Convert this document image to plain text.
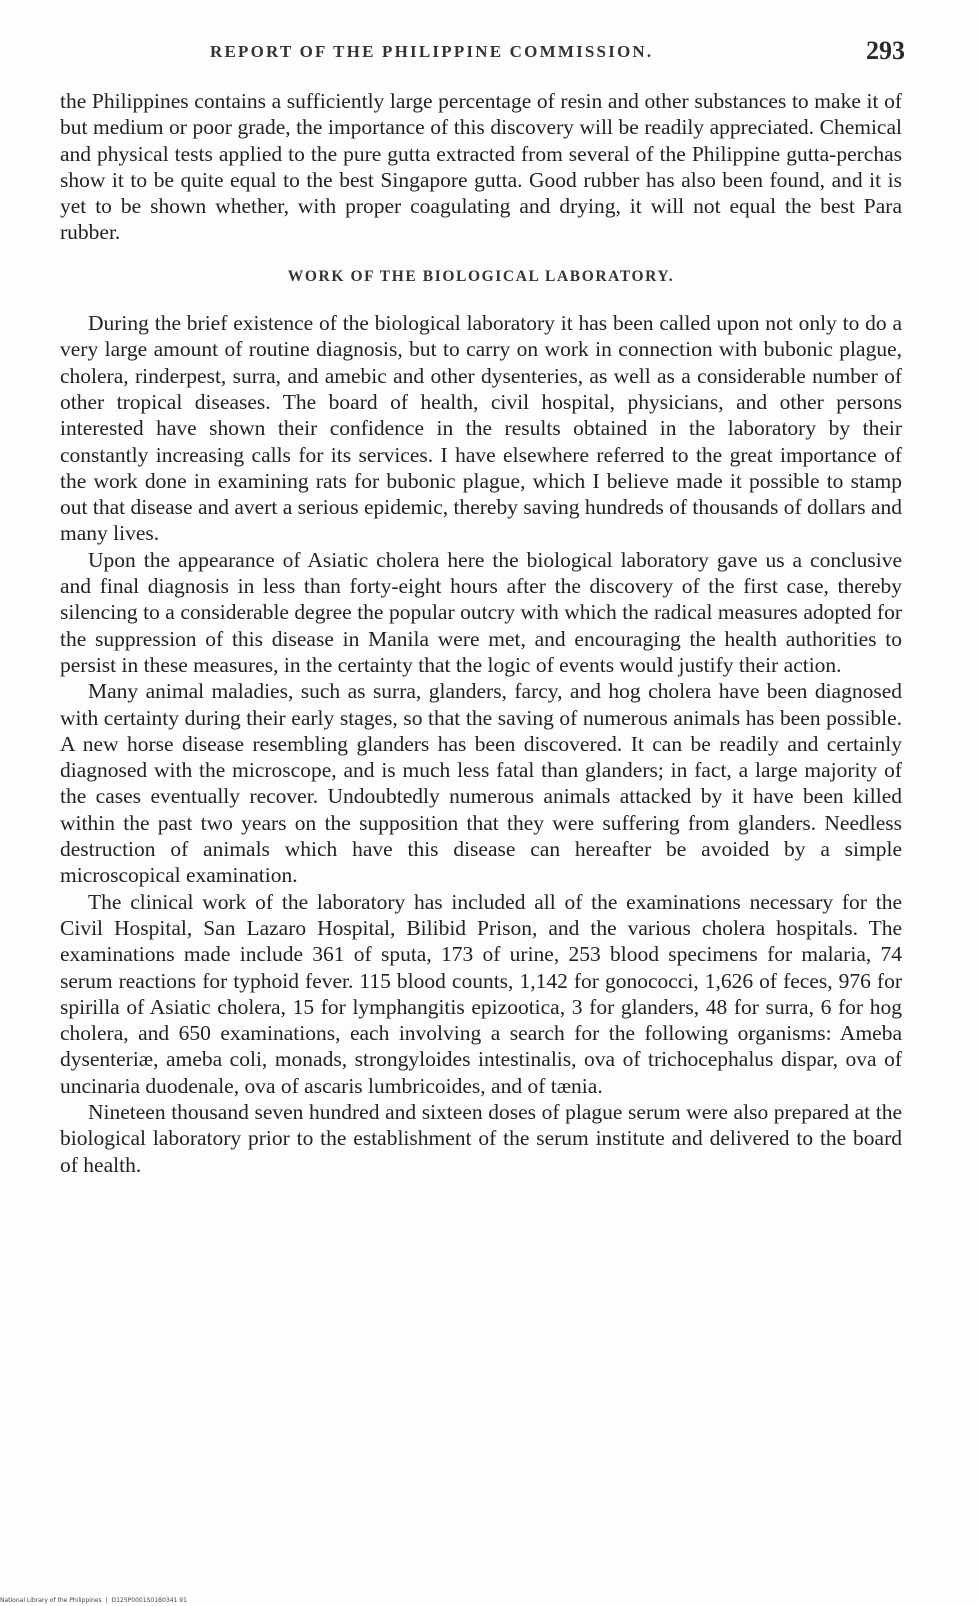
REPORT OF THE PHILIPPINE COMMISSION.	293

the Philippines contains a sufficiently large percentage of resin and other substances to make it of but medium or poor grade, the importance of this discovery will be readily appreciated. Chemical and physical tests applied to the pure gutta extracted from several of the Philippine gutta-perchas show it to be quite equal to the best Singapore gutta. Good rubber has also been found, and it is yet to be shown whether, with proper coagulating and drying, it will not equal the best Para rubber.

WORK OF THE BIOLOGICAL LABORATORY.

During the brief existence of the biological laboratory it has been called upon not only to do a very large amount of routine diagnosis, but to carry on work in connection with bubonic plague, cholera, rinderpest, surra, and amebic and other dysenteries, as well as a considerable number of other tropical diseases. The board of health, civil hospital, physicians, and other persons interested have shown their confidence in the results obtained in the laboratory by their constantly increasing calls for its services. I have elsewhere referred to the great importance of the work done in examining rats for bubonic plague, which I believe made it possible to stamp out that disease and avert a serious epidemic, thereby saving hundreds of thousands of dollars and many lives.

Upon the appearance of Asiatic cholera here the biological laboratory gave us a conclusive and final diagnosis in less than forty-eight hours after the discovery of the first case, thereby silencing to a considerable degree the popular outcry with which the radical measures adopted for the suppression of this disease in Manila were met, and encouraging the health authorities to persist in these measures, in the certainty that the logic of events would justify their action.

Many animal maladies, such as surra, glanders, farcy, and hog cholera have been diagnosed with certainty during their early stages, so that the saving of numerous animals has been possible. A new horse disease resembling glanders has been discovered. It can be readily and certainly diagnosed with the microscope, and is much less fatal than glanders; in fact, a large majority of the cases eventually recover. Undoubtedly numerous animals attacked by it have been killed within the past two years on the supposition that they were suffering from glanders. Needless destruction of animals which have this disease can hereafter be avoided by a simple microscopical examination.

The clinical work of the laboratory has included all of the examinations necessary for the Civil Hospital, San Lazaro Hospital, Bilibid Prison, and the various cholera hospitals. The examinations made include 361 of sputa, 173 of urine, 253 blood specimens for malaria, 74 serum reactions for typhoid fever. 115 blood counts, 1,142 for gonococci, 1,626 of feces, 976 for spirilla of Asiatic cholera, 15 for lymphangitis epizootica, 3 for glanders, 48 for surra, 6 for hog cholera, and 650 examinations, each involving a search for the following organisms: Ameba dysenteriæ, ameba coli, monads, strongyloides intestinalis, ova of trichocephalus dispar, ova of uncinaria duodenale, ova of ascaris lumbricoides, and of tænia.

Nineteen thousand seven hundred and sixteen doses of plague serum were also prepared at the biological laboratory prior to the establishment of the serum institute and delivered to the board of health.

National Library of the Philippines | D125P0001S01B0341 91
